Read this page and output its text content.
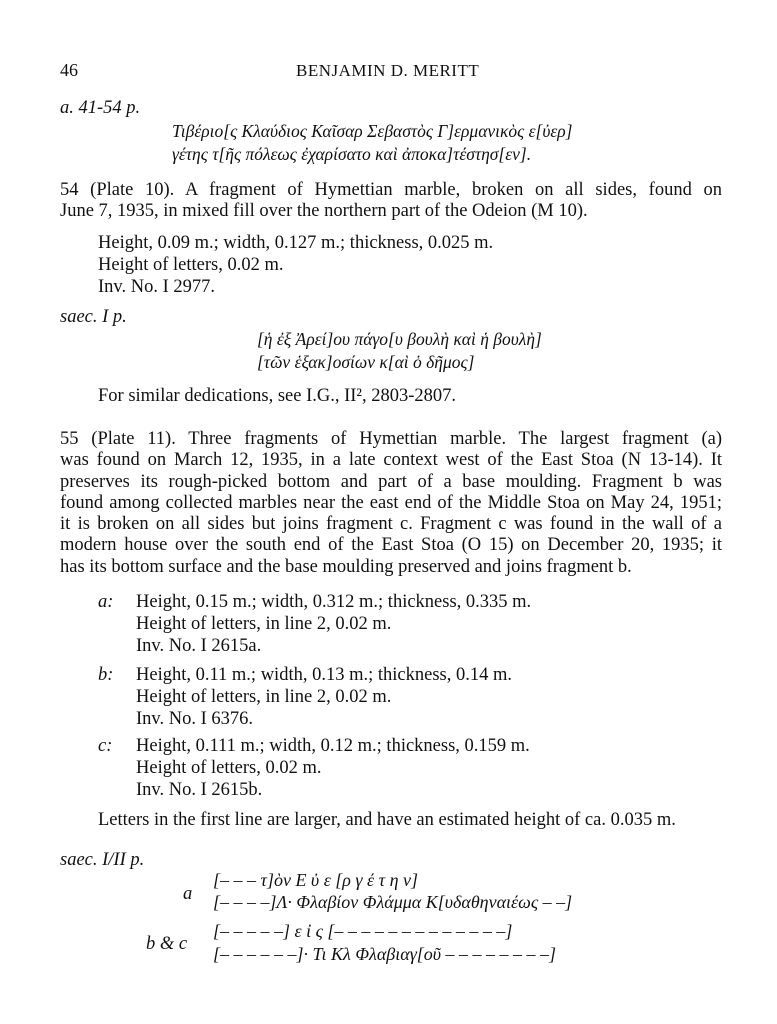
46	BENJAMIN D. MERITT
a. 41-54 p.
Τιβέριο[ς Κλαύδιος Καῖσαρ Σεβαστὸς Γ]ερμανικὸς ε[ὐερ]
γέτης τ[ῆς πόλεως ἐχαρίσατο καὶ ἀποκα]τέστησ[εν].
54 (Plate 10). A fragment of Hymettian marble, broken on all sides, found on
June 7, 1935, in mixed fill over the northern part of the Odeion (M 10).
Height, 0.09 m.; width, 0.127 m.; thickness, 0.025 m.
Height of letters, 0.02 m.
Inv. No. I 2977.
saec. I p.
[ἡ ἐξ Ἀρεί]ου πάγο[υ βουλὴ καὶ ἡ βουλὴ]
[τῶν ἑξακ]οσίων κ[αὶ ὁ δῆμος]
For similar dedications, see I.G., II², 2803-2807.
55 (Plate 11). Three fragments of Hymettian marble. The largest fragment (a)
was found on March 12, 1935, in a late context west of the East Stoa (N 13-14). It
preserves its rough-picked bottom and part of a base moulding. Fragment b was
found among collected marbles near the east end of the Middle Stoa on May 24, 1951;
it is broken on all sides but joins fragment c. Fragment c was found in the wall of a
modern house over the south end of the East Stoa (O 15) on December 20, 1935; it
has its bottom surface and the base moulding preserved and joins fragment b.
a: Height, 0.15 m.; width, 0.312 m.; thickness, 0.335 m.
Height of letters, in line 2, 0.02 m.
Inv. No. I 2615a.
b: Height, 0.11 m.; width, 0.13 m.; thickness, 0.14 m.
Height of letters, in line 2, 0.02 m.
Inv. No. I 6376.
c: Height, 0.111 m.; width, 0.12 m.; thickness, 0.159 m.
Height of letters, 0.02 m.
Inv. No. I 2615b.
Letters in the first line are larger, and have an estimated height of ca. 0.035 m.
saec. I/II p.
a
[– – – τ]ὸν Ε ὐ ε [ρ γ έ τ η ν]
[– – – –]Λ· Φλαβίον Φλάμμα Κ[υδαθηναιέως – –]
b & c
[– – – – –] ε ἰ ς [– – – – – – – – – – – – –]
[– – – – – –]· Τι Κλ Φλαβιαγ[οῦ – – – – – – – –]
